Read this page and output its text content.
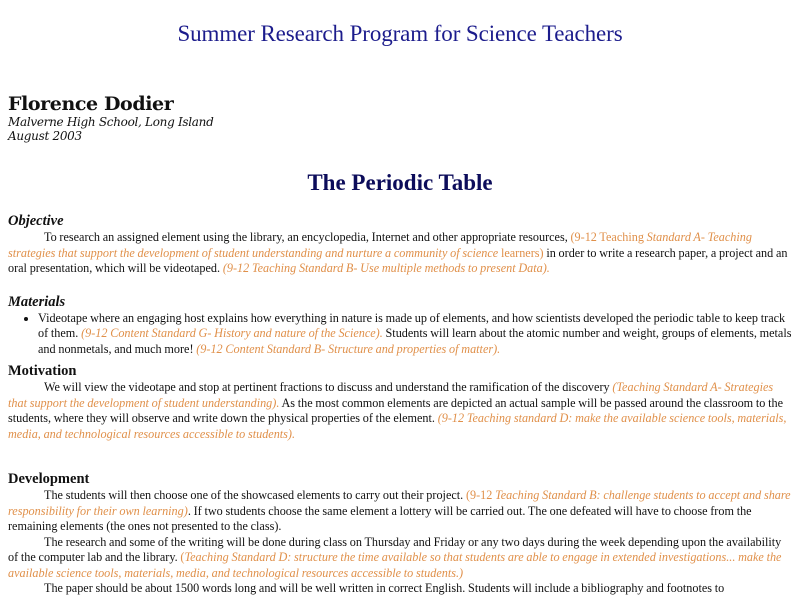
Summer Research Program for Science Teachers
Florence Dodier
Malverne High School, Long Island
August 2003
The Periodic Table
Objective

To research an assigned element using the library, an encyclopedia, Internet and other appropriate resources, (9-12 Teaching Standard A- Teaching strategies that support the development of student understanding and nurture a community of science learners) in order to write a research paper, a project and an oral presentation, which will be videotaped. (9-12 Teaching Standard B- Use multiple methods to present Data).

Materials
• Videotape where an engaging host explains how everything in nature is made up of elements, and how scientists developed the periodic table to keep track of them. (9-12 Content Standard G- History and nature of the Science). Students will learn about the atomic number and weight, groups of elements, metals and nonmetals, and much more! (9-12 Content Standard B- Structure and properties of matter).
Motivation

We will view the videotape and stop at pertinent fractions to discuss and understand the ramification of the discovery (Teaching Standard A- Strategies that support the development of student understanding). As the most common elements are depicted an actual sample will be passed around the classroom to the students, where they will observe and write down the physical properties of the element. (9-12 Teaching standard D: make the available science tools, materials, media, and technological resources accessible to students).

Development

The students will then choose one of the showcased elements to carry out their project. (9-12 Teaching Standard B: challenge students to accept and share responsibility for their own learning). If two students choose the same element a lottery will be carried out. The one defeated will have to choose from the remaining elements (the ones not presented to the class).

The research and some of the writing will be done during class on Thursday and Friday or any two days during the week depending upon the availability of the computer lab and the library. (Teaching Standard D: structure the time available so that students are able to engage in extended investigations... make the available science tools, materials, media, and technological resources accessible to students.)

The paper should be about 1500 words long and will be well written in correct English. Students will include a bibliography and footnotes to
